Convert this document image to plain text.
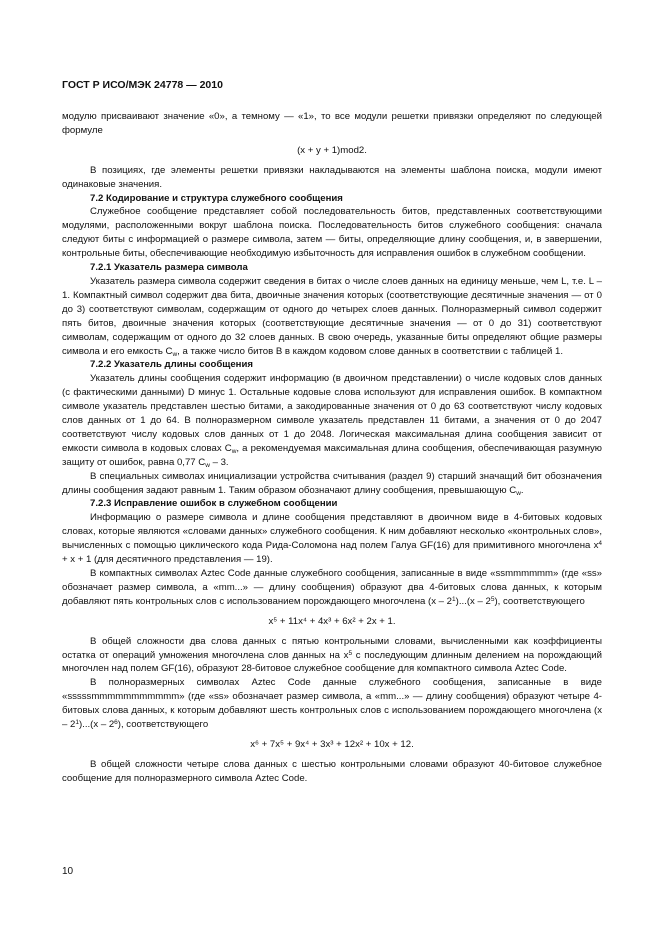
ГОСТ Р ИСО/МЭК 24778 — 2010

модулю присваивают значение «0», а темному — «1», то все модули решетки привязки определяют по следующей формуле

(x + y + 1)mod2.

В позициях, где элементы решетки привязки накладываются на элементы шаблона поиска, модули имеют одинаковые значения.

7.2 Кодирование и структура служебного сообщения

Служебное сообщение представляет собой последовательность битов, представленных соответствующими модулями, расположенными вокруг шаблона поиска. Последовательность битов служебного сообщения: сначала следуют биты с информацией о размере символа, затем — биты, определяющие длину сообщения, и, в завершении, контрольные биты, обеспечивающие необходимую избыточность для исправления ошибок в служебном сообщении.

7.2.1 Указатель размера символа

Указатель размера символа содержит сведения в битах о числе слоев данных на единицу меньше, чем L, т.е. L – 1. Компактный символ содержит два бита, двоичные значения которых (соответствующие десятичные значения — от 0 до 3) соответствуют символам, содержащим от одного до четырех слоев данных. Полноразмерный символ содержит пять битов, двоичные значения которых (соответствующие десятичные значения — от 0 до 31) соответствуют символам, содержащим от одного до 32 слоев данных. В свою очередь, указанные биты определяют общие размеры символа и его емкость $C_w$, а также число битов B в каждом кодовом слове данных в соответствии с таблицей 1.

7.2.2 Указатель длины сообщения

Указатель длины сообщения содержит информацию (в двоичном представлении) о числе кодовых слов данных (с фактическими данными) D минус 1. Остальные кодовые слова используют для исправления ошибок. В компактном символе указатель представлен шестью битами, а закодированные значения от 0 до 63 соответствуют числу кодовых слов данных от 1 до 64. В полноразмерном символе указатель представлен 11 битами, а значения от 0 до 2047 соответствуют числу кодовых слов данных от 1 до 2048. Логическая максимальная длина сообщения зависит от емкости символа в кодовых словах $C_w$, а рекомендуемая максимальная длина сообщения, обеспечивающая разумную защиту от ошибок, равна 0,77 $C_w - 3$.

В специальных символах инициализации устройства считывания (раздел 9) старший значащий бит обозначения длины сообщения задают равным 1. Таким образом обозначают длину сообщения, превышающую $C_w$.

7.2.3 Исправление ошибок в служебном сообщении

Информацию о размере символа и длине сообщения представляют в двоичном виде в 4-битовых кодовых словах, которые являются «словами данных» служебного сообщения. К ним добавляют несколько «контрольных слов», вычисленных с помощью циклического кода Рида-Соломона над полем Галуа GF(16) для примитивного многочлена $x^4 + x + 1$ (для десятичного представления — 19).

В компактных символах Aztec Code данные служебного сообщения, записанные в виде «ssmmmmmm» (где «ss» обозначает размер символа, а «mm...» — длину сообщения) образуют два 4-битовых слова данных, к которым добавляют пять контрольных слов с использованием порождающего многочлена $(x - 2^1)...(x - 2^5)$, соответствующего

x⁵ + 11x⁴ + 4x³ + 6x² + 2x + 1.

В общей сложности два слова данных с пятью контрольными словами, вычисленными как коэффициенты остатка от операций умножения многочлена слов данных на $x^5$ с последующим длинным делением на порождающий многочлен над полем GF(16), образуют 28-битовое служебное сообщение для компактного символа Aztec Code.

В полноразмерных символах Aztec Code данные служебного сообщения, записанные в виде «sssssmmmmmmmmmmm» (где «ss» обозначает размер символа, а «mm...» — длину сообщения) образуют четыре 4-битовых слова данных, к которым добавляют шесть контрольных слов с использованием порождающего многочлена $(x - 2^1)...(x - 2^6)$, соответствующего

x⁶ + 7x⁵ + 9x⁴ + 3x³ + 12x² + 10x + 12.

В общей сложности четыре слова данных с шестью контрольными словами образуют 40-битовое служебное сообщение для полноразмерного символа Aztec Code.

10
